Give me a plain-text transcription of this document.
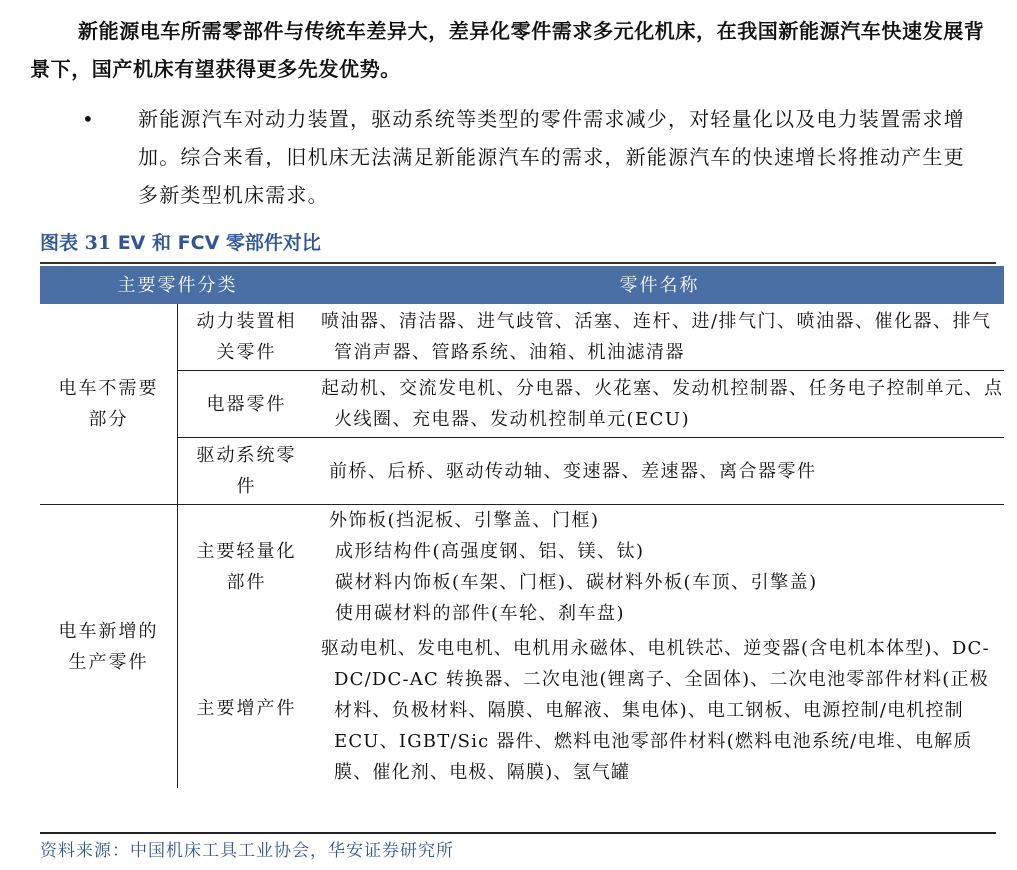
新能源电车所需零部件与传统车差异大，差异化零件需求多元化机床，在我国新能源汽车快速发展背景下，国产机床有望获得更多先发优势。
• 新能源汽车对动力装置，驱动系统等类型的零件需求减少，对轻量化以及电力装置需求增加。综合来看，旧机床无法满足新能源汽车的需求，新能源汽车的快速增长将推动产生更多新类型机床需求。
图表 31 EV 和 FCV 零部件对比
主要零件分类		零件名称

电车不需要部分	动力装置相关零件	喷油器、清洁器、进气歧管、活塞、连杆、进/排气门、喷油器、催化器、排气管消声器、管路系统、油箱、机油滤清器

	电器零件	起动机、交流发电机、分电器、火花塞、发动机控制器、任务电子控制单元、点火线圈、充电器、发动机控制单元(ECU)

	驱动系统零件	前桥、后桥、驱动传动轴、变速器、差速器、离合器零件

电车新增的生产零件	主要轻量化部件	外饰板(挡泥板、引擎盖、门框)
成形结构件(高强度钢、铝、镁、钛)
碳材料内饰板(车架、门框)、碳材料外板(车顶、引擎盖)
使用碳材料的部件(车轮、刹车盘)

	主要增产件	驱动电机、发电电机、电机用永磁体、电机铁芯、逆变器(含电机本体型)、DC-DC/DC-AC 转换器、二次电池(锂离子、全固体)、二次电池零部件材料(正极材料、负极材料、隔膜、电解液、集电体)、电工钢板、电源控制/电机控制 ECU、IGBT/Sic 器件、燃料电池零部件材料(燃料电池系统/电堆、电解质膜、催化剂、电极、隔膜)、氢气罐
资料来源：中国机床工具工业协会，华安证券研究所
